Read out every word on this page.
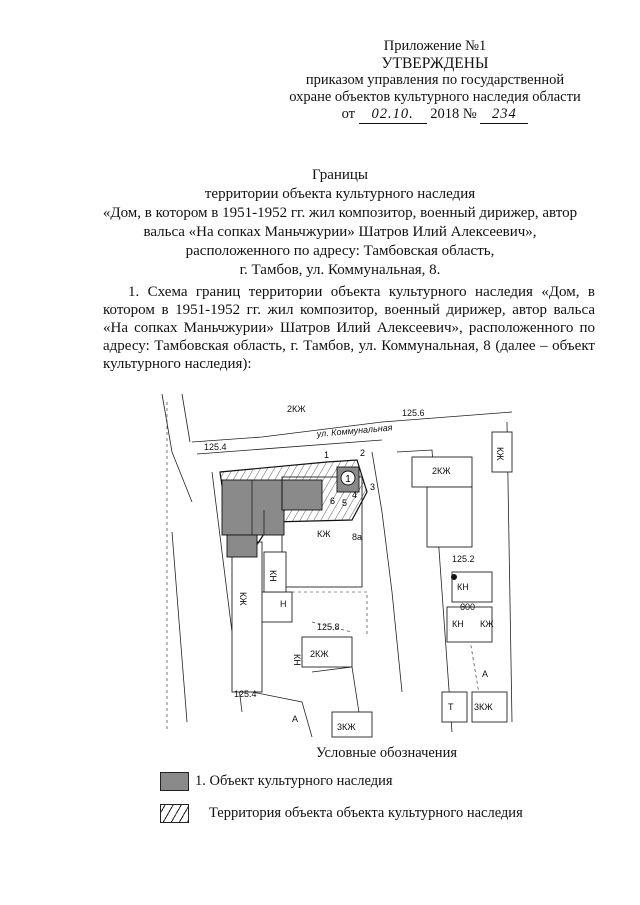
Приложение №1
УТВЕРЖДЕНЫ
приказом управления по государственной
охране объектов культурного наследия области
от 02.10. 2018 № 234
Границы
территории объекта культурного наследия
«Дом, в котором в 1951-1952 гг. жил композитор, военный дирижер, автор
вальса «На сопках Маньчжурии» Шатров Илий Алексеевич»,
расположенного по адресу: Тамбовская область,
г. Тамбов, ул. Коммунальная, 8.
1. Схема границ территории объекта культурного наследия «Дом, в котором в 1951-1952 гг. жил композитор, военный дирижер, автор вальса «На сопках Маньчжурии» Шатров Илий Алексеевич», расположенного по адресу: Тамбовская область, г. Тамбов, ул. Коммунальная, 8 (далее – объект культурного наследия):
1
1	2
3
4
5
6
ул. Коммунальная
2КЖ	125.6
125.4
2КЖ
КЖ
КЖ
КЖ
8а
125.2
КН
КН
600
КЖ
КН
125.8
2КЖ
125.4
А
А
3КЖ
Т 3КЖ
Н
КН
Условные обозначения
1. Объект культурного наследия
Территория объекта объекта культурного наследия
